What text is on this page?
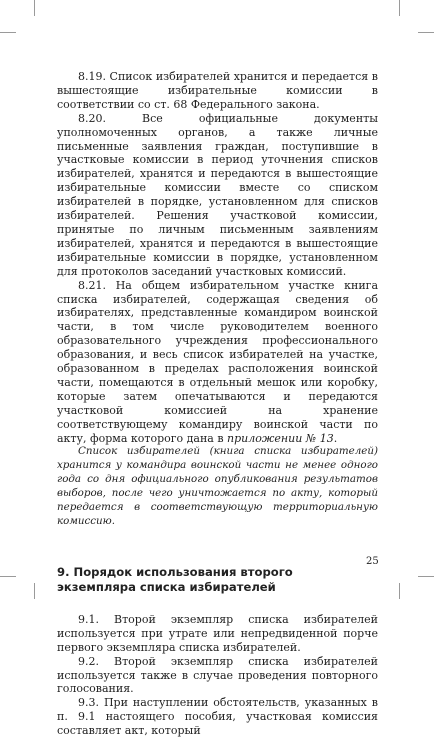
8.19. Список избирателей хранится и передается в вышестоящие избирательные комиссии в соответствии со ст. 68 Федерального закона.

8.20. Все официальные документы уполномоченных органов, а также личные письменные заявления граждан, поступившие в участковые комиссии в период уточнения списков избирателей, хранятся и передаются в вышестоящие избирательные комиссии вместе со списком избирателей в порядке, установленном для списков избирателей. Решения участковой комиссии, принятые по личным письменным заявлениям избирателей, хранятся и передаются в вышестоящие избирательные комиссии в порядке, установленном для протоколов заседаний участковых комиссий.

8.21. На общем избирательном участке книга списка избирателей, содержащая сведения об избирателях, представленные командиром воинской части, в том числе руководителем военного образовательного учреждения профессионального образования, и весь список избирателей на участке, образованном в пределах расположения воинской части, помещаются в отдельный мешок или коробку, которые затем опечатываются и передаются участковой комиссией на хранение соответствующему командиру воинской части по акту, форма которого дана в приложении № 13.

Список избирателей (книга списка избирателей) хранится у командира воинской части не менее одного года со дня официального опубликования результатов выборов, после чего уничтожается по акту, который передается в соответствующую территориальную комиссию.

9. Порядок использования второго экземпляра списка избирателей

9.1. Второй экземпляр списка избирателей используется при утрате или непредвиденной порче первого экземпляра списка избирателей.

9.2. Второй экземпляр списка избирателей используется также в случае проведения повторного голосования.

9.3. При наступлении обстоятельств, указанных в п. 9.1 настоящего пособия, участковая комиссия составляет акт, который

25
